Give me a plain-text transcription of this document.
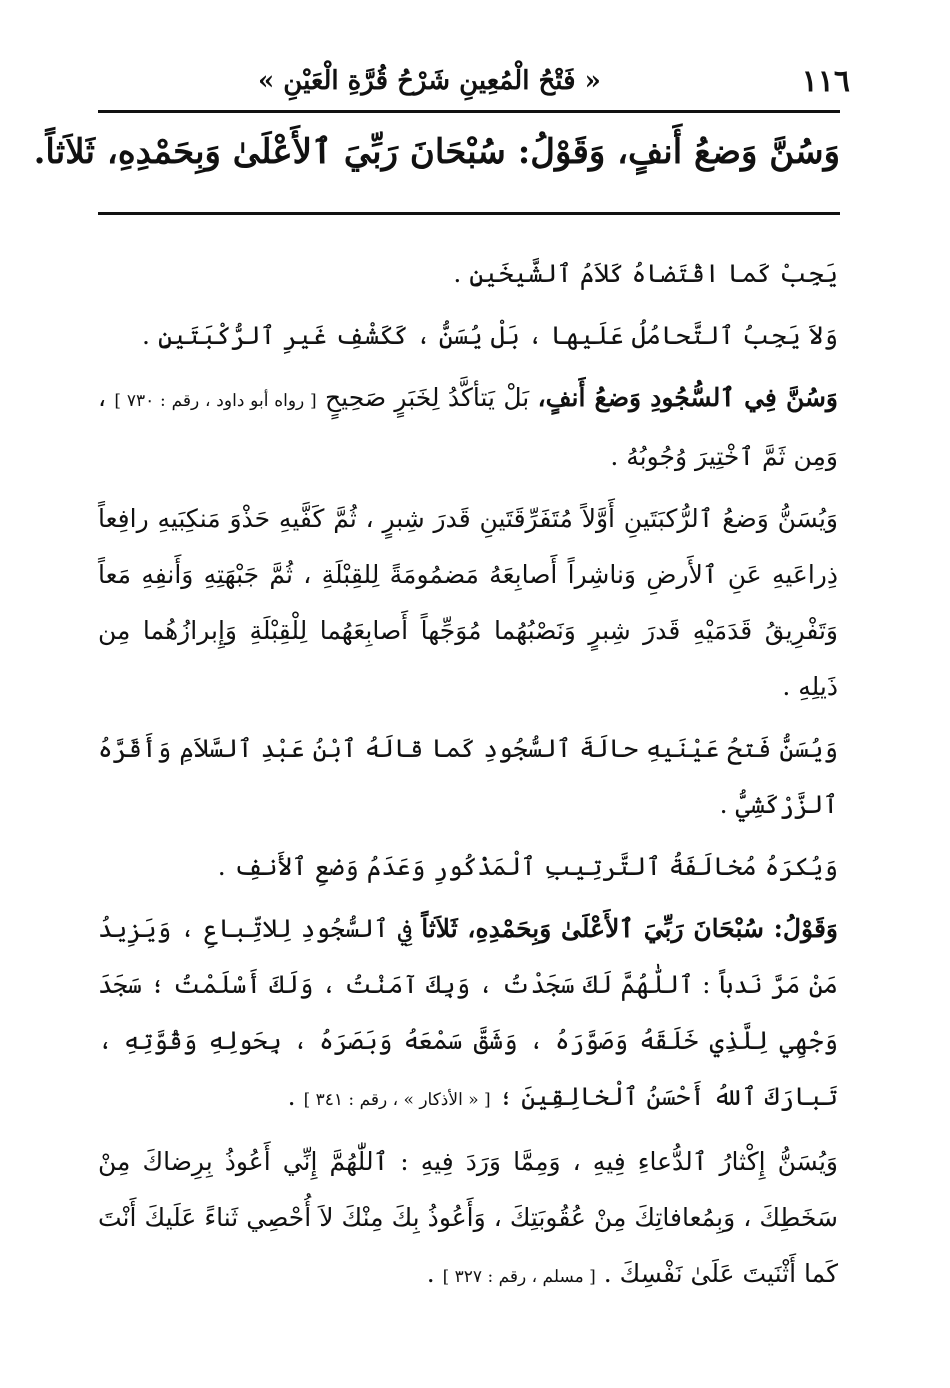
١١٦
« فَتْحُ الْمُعِينِ شَرْحُ قُرَّةِ الْعَيْنِ »
وَسُنَّ وَضعُ أَنفٍ، وَقَوْلُ: سُبْحَانَ رَبِّيَ ٱلأَعْلَىٰ وَبِحَمْدِهِ، ثَلاَثاً.

يَجِبْ كَما اقْتَضاهُ كَلاَمُ ٱلشَّيخَينِ .

وَلاَ يَجِبُ ٱلتَّحامُلُ عَلَيها ، بَلْ يُسَنُّ ، كَكَشْفِ غَيرِ ٱلرُّكْبَتَينِ .

وَسُنَّ فِي ٱلسُّجُودِ وَضعُ أَنفٍ، بَلْ يَتأكَّدُ لِخَبَرٍ صَحِيحٍ [ رواه أبو داود ، رقم : ٧٣٠ ] ، وَمِن ثَمَّ ٱخْتِيرَ وُجُوبُهُ .

وَيُسَنُّ وَضعُ ٱلرُّكبَتَينِ أَوَّلاً مُتَفَرِّقَتَينِ قَدرَ شِبرٍ ، ثُمَّ كَفَّيهِ حَذْوَ مَنكِبَيهِ رافِعاً ذِراعَيهِ عَنِ ٱلأَرضِ وَناشِراً أَصابِعَهُ مَضمُومَةً لِلقِبْلَةِ ، ثُمَّ جَبْهَتِهِ وَأَنفِهِ مَعاً وَتَفْرِيقُ قَدَمَيْهِ قَدرَ شِبرٍ وَنَصْبُهُما مُوَجِّهاً أَصابِعَهُما لِلْقِبْلَةِ وَإِبرازُهُما مِن ذَيلِهِ .

وَيُسَنُّ فَتحُ عَيْنَيهِ حالَةَ ٱلسُّجُودِ كَما قالَهُ ٱبْنُ عَبْدِ ٱلسَّلاَمِ وَأَقَرَّهُ ٱلزَّرْكَشِيُّ .

وَيُكرَهُ مُخالَفَةُ ٱلتَّرتِيبِ ٱلْمَذْكُورِ وَعَدَمُ وَضعِ ٱلأَنفِ .

وَقَوْلُ: سُبْحَانَ رَبِّيَ ٱلأَعْلَىٰ وَبِحَمْدِهِ، ثَلاَثاً فِي ٱلسُّجُودِ لِلاتِّباعِ ، وَيَزِيدُ مَنْ مَرَّ نَدباً : ٱللّٰهُمَّ لَكَ سَجَدْتُ ، وَبِكَ آمَنْتُ ، وَلَكَ أَسْلَمْتُ ؛ سَجَدَ وَجْهِي لِلَّذِي خَلَقَهُ وَصَوَّرَهُ ، وَشَقَّ سَمْعَهُ وَبَصَرَهُ ، بِحَولِهِ وَقُوَّتِهِ ، تَبارَكَ ٱللهُ أَحْسَنُ ٱلْخالِقِينَ ؛ [ « الأذكار » ، رقم : ٣٤١ ] .

وَيُسَنُّ إِكْثارُ ٱلدُّعاءِ فِيهِ ، وَمِمَّا وَرَدَ فِيهِ : ٱللّٰهُمَّ إِنِّي أَعُوذُ بِرِضاكَ مِنْ سَخَطِكَ ، وَبِمُعافاتِكَ مِنْ عُقُوبَتِكَ ، وَأَعُوذُ بِكَ مِنْكَ لاَ أُحْصِي ثَناءً عَلَيكَ أَنْتَ كَما أَثْنَيتَ عَلَىٰ نَفْسِكَ . [ مسلم ، رقم : ٣٢٧ ] .
